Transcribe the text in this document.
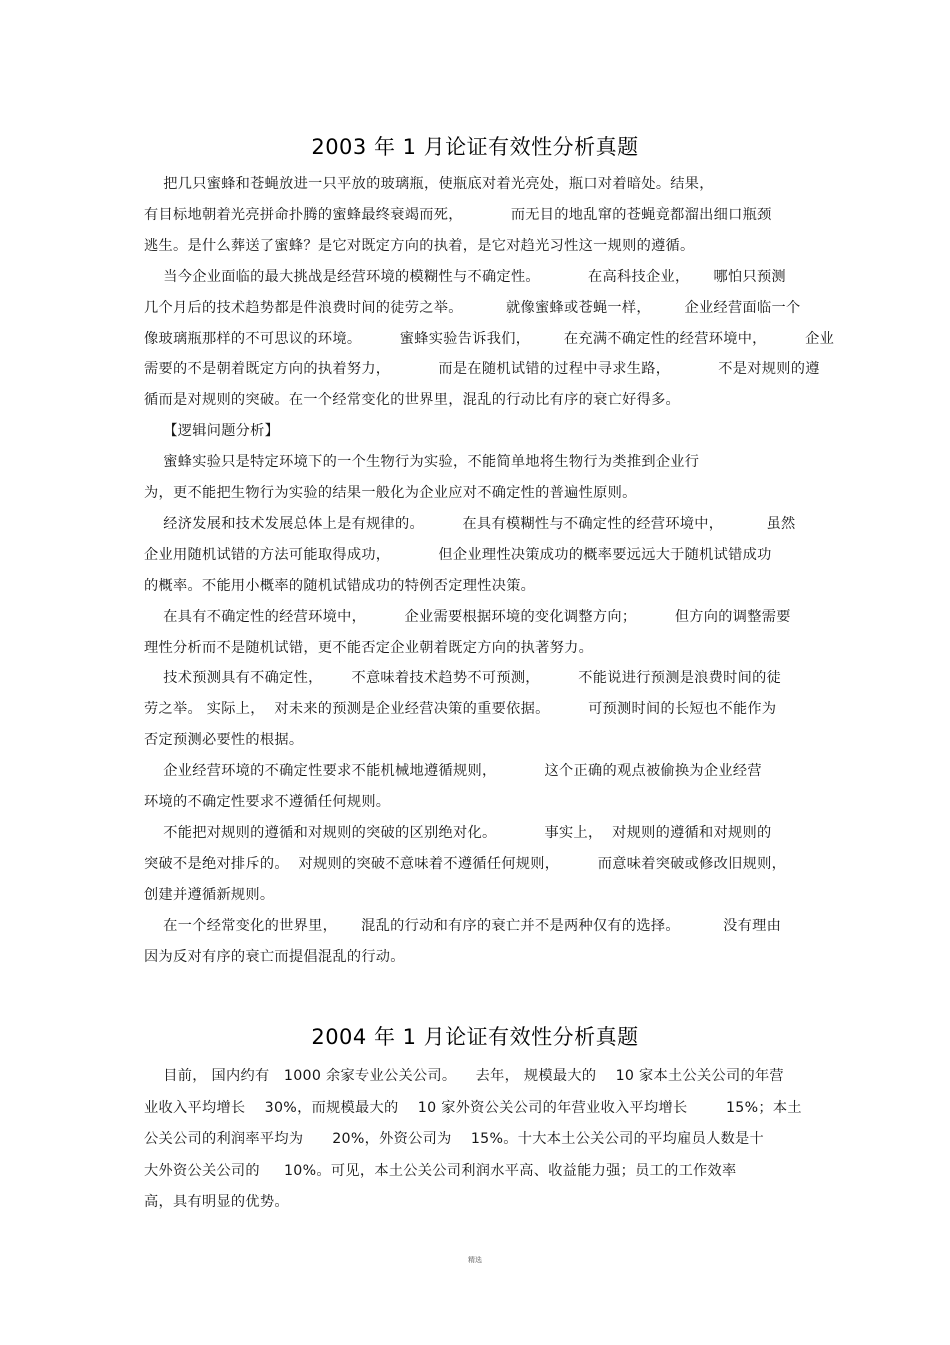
2003 年 1 月论证有效性分析真题
把几只蜜蜂和苍蝇放进一只平放的玻璃瓶，使瓶底对着光亮处，瓶口对着暗处。结果，
有目标地朝着光亮拼命扑腾的蜜蜂最终衰竭而死，          而无目的地乱窜的苍蝇竟都溜出细口瓶颈
逃生。是什么葬送了蜜蜂？是它对既定方向的执着，是它对趋光习性这一规则的遵循。
当今企业面临的最大挑战是经营环境的模糊性与不确定性。          在高科技企业，     哪怕只预测
几个月后的技术趋势都是件浪费时间的徒劳之举。         就像蜜蜂或苍蝇一样，       企业经营面临一个
像玻璃瓶那样的不可思议的环境。        蜜蜂实验告诉我们，       在充满不确定性的经营环境中，        企业
需要的不是朝着既定方向的执着努力，          而是在随机试错的过程中寻求生路，          不是对规则的遵
循而是对规则的突破。在一个经常变化的世界里，混乱的行动比有序的衰亡好得多。
【逻辑问题分析】
蜜蜂实验只是特定环境下的一个生物行为实验，不能简单地将生物行为类推到企业行
为，更不能把生物行为实验的结果一般化为企业应对不确定性的普遍性原则。
经济发展和技术发展总体上是有规律的。        在具有模糊性与不确定性的经营环境中，         虽然
企业用随机试错的方法可能取得成功，          但企业理性决策成功的概率要远远大于随机试错成功
的概率。不能用小概率的随机试错成功的特例否定理性决策。
在具有不确定性的经营环境中，        企业需要根据环境的变化调整方向；        但方向的调整需要
理性分析而不是随机试错，更不能否定企业朝着既定方向的执著努力。
技术预测具有不确定性，      不意味着技术趋势不可预测，        不能说进行预测是浪费时间的徒
劳之举。 实际上，  对未来的预测是企业经营决策的重要依据。        可预测时间的长短也不能作为
否定预测必要性的根据。
企业经营环境的不确定性要求不能机械地遵循规则，          这个正确的观点被偷换为企业经营
环境的不确定性要求不遵循任何规则。
不能把对规则的遵循和对规则的突破的区别绝对化。          事实上，  对规则的遵循和对规则的
突破不是绝对排斥的。  对规则的突破不意味着不遵循任何规则，        而意味着突破或修改旧规则，
创建并遵循新规则。
在一个经常变化的世界里，     混乱的行动和有序的衰亡并不是两种仅有的选择。         没有理由
因为反对有序的衰亡而提倡混乱的行动。
2004 年 1 月论证有效性分析真题
目前， 国内约有   1000 余家专业公关公司。    去年， 规模最大的    10 家本土公关公司的年营
业收入平均增长    30%，而规模最大的    10 家外资公关公司的年营业收入平均增长        15%；本土
公关公司的利润率平均为      20%，外资公司为    15%。十大本土公关公司的平均雇员人数是十
大外资公关公司的     10%。可见，本土公关公司利润水平高、收益能力强；员工的工作效率
高，具有明显的优势。
精选
